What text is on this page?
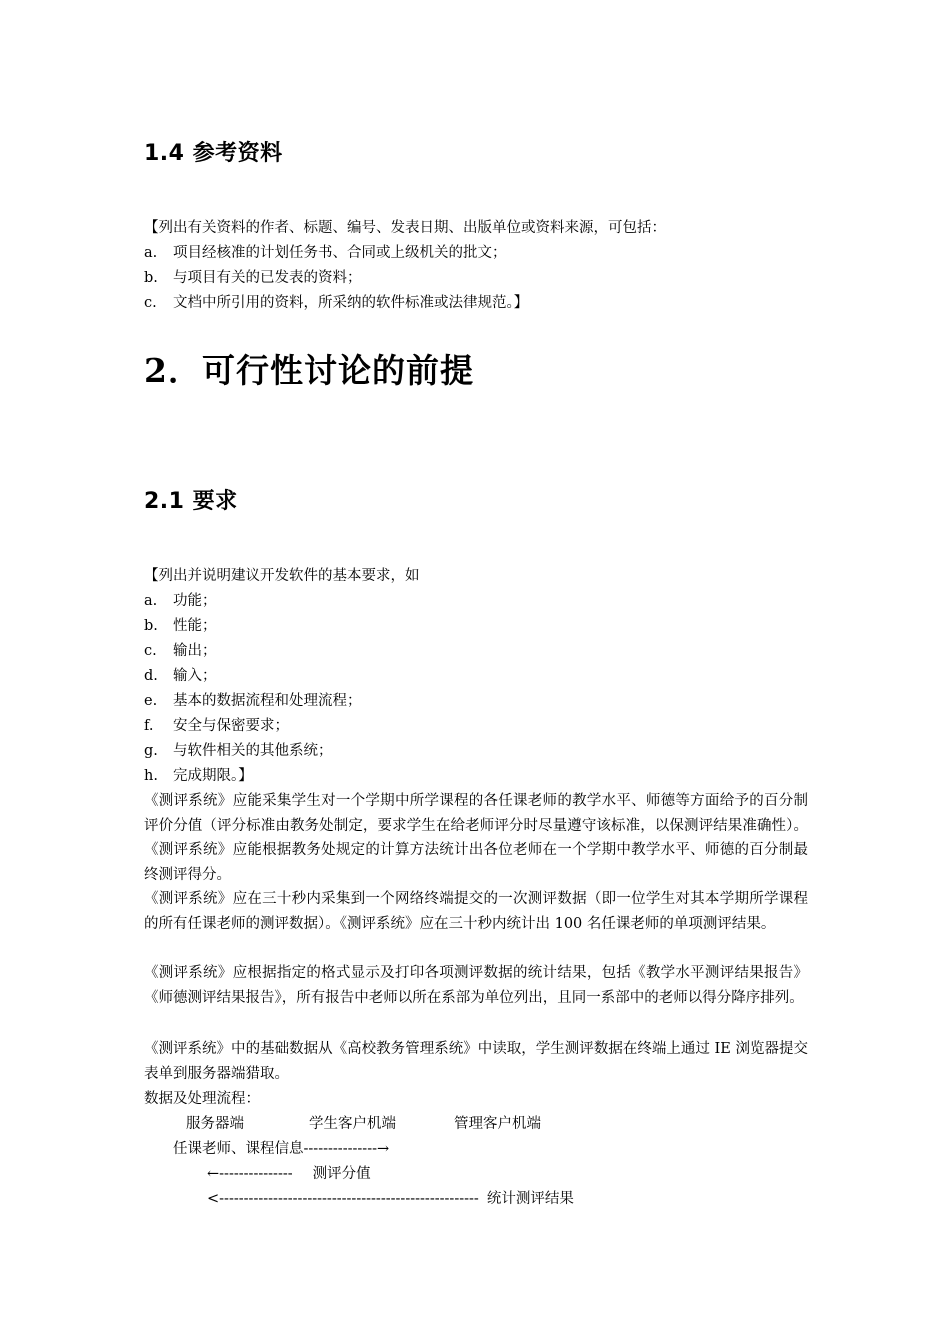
1.4 参考资料

【列出有关资料的作者、标题、编号、发表日期、出版单位或资料来源，可包括：

a. 项目经核准的计划任务书、合同或上级机关的批文；
b. 与项目有关的已发表的资料；
c. 文档中所引用的资料，所采纳的软件标准或法律规范。】
2．可行性讨论的前提
2.1 要求

【列出并说明建议开发软件的基本要求，如

a. 功能；
b. 性能；
c. 输出；
d. 输入；
e. 基本的数据流程和处理流程；
f. 安全与保密要求；
g. 与软件相关的其他系统；
h. 完成期限。】

《测评系统》应能采集学生对一个学期中所学课程的各任课老师的教学水平、师德等方面给予的百分制评价分值（评分标准由教务处制定，要求学生在给老师评分时尽量遵守该标准，以保测评结果准确性）。《测评系统》应能根据教务处规定的计算方法统计出各位老师在一个学期中教学水平、师德的百分制最终测评得分。

《测评系统》应在三十秒内采集到一个网络终端提交的一次测评数据（即一位学生对其本学期所学课程的所有任课老师的测评数据）。《测评系统》应在三十秒内统计出 100 名任课老师的单项测评结果。

《测评系统》应根据指定的格式显示及打印各项测评数据的统计结果，包括《教学水平测评结果报告》《师德测评结果报告》，所有报告中老师以所在系部为单位列出，且同一系部中的老师以得分降序排列。

《测评系统》中的基础数据从《高校教务管理系统》中读取，学生测评数据在终端上通过 IE 浏览器提交表单到服务器端猎取。

数据及处理流程：

服务器端	学生客户机端	管理客户机端
任课老师、课程信息---------------→
←--------------- 测评分值
<----------------------------------------------------- 统计测评结果
